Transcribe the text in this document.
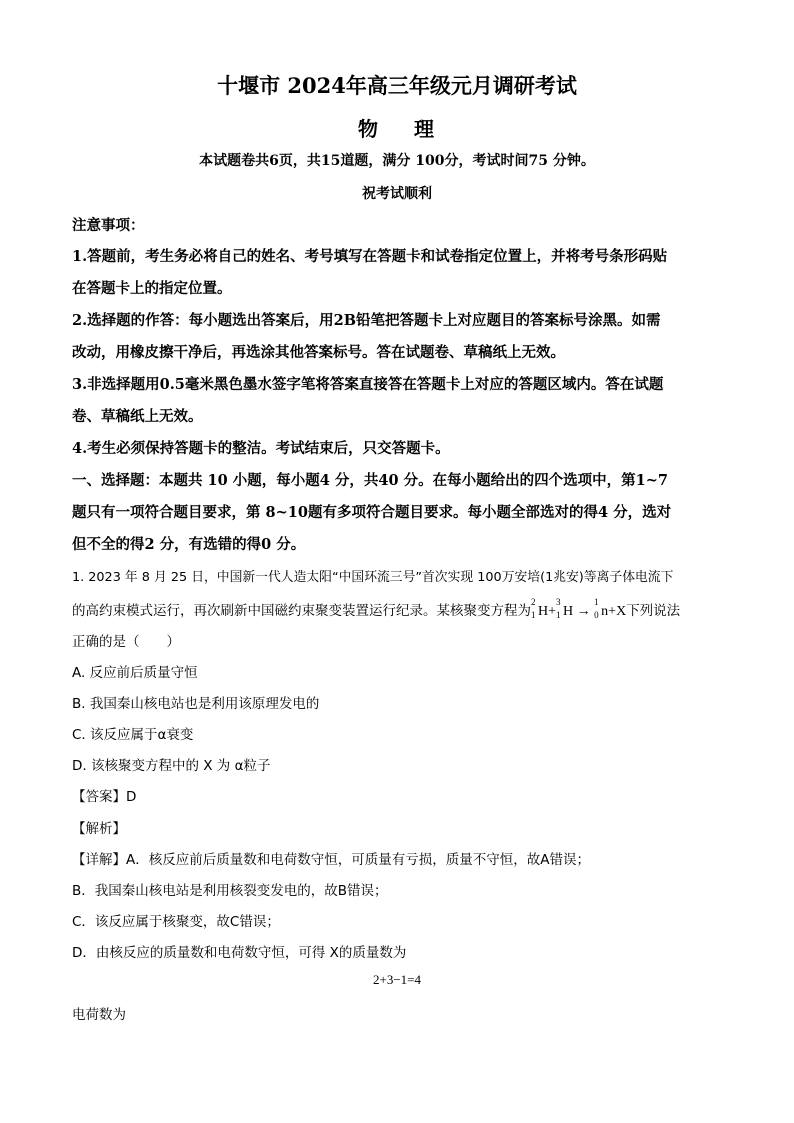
十堰市 2024年高三年级元月调研考试
物 理
本试题卷共6页，共15道题，满分 100分，考试时间75 分钟。
祝考试顺利
注意事项：
1.答题前，考生务必将自己的姓名、考号填写在答题卡和试卷指定位置上，并将考号条形码贴
在答题卡上的指定位置。
2.选择题的作答：每小题选出答案后，用2B铅笔把答题卡上对应题目的答案标号涂黑。如需
改动，用橡皮擦干净后，再选涂其他答案标号。答在试题卷、草稿纸上无效。
3.非选择题用0.5毫米黑色墨水签字笔将答案直接答在答题卡上对应的答题区域内。答在试题
卷、草稿纸上无效。
4.考生必须保持答题卡的整洁。考试结束后，只交答题卡。
一、选择题：本题共 10 小题，每小题4 分，共40 分。在每小题给出的四个选项中，第1~7
题只有一项符合题目要求，第 8~10题有多项符合题目要求。每小题全部选对的得4 分，选对
但不全的得2 分，有选错的得0 分。
1. 2023 年 8 月 25 日，中国新一代人造太阳“中国环流三号”首次实现 100万安培(1兆安)等离子体电流下
的高约束模式运行，再次刷新中国磁约束聚变装置运行纪录。某核聚变方程为
2
1 H+
3
1 H →
1
0 n+X下列说法
正确的是（　　）
A. 反应前后质量守恒
B. 我国秦山核电站也是利用该原理发电的
C. 该反应属于α衰变
D. 该核聚变方程中的 X 为 α粒子
【答案】D
【解析】
【详解】A．核反应前后质量数和电荷数守恒，可质量有亏损，质量不守恒，故A错误；
B．我国秦山核电站是利用核裂变发电的，故B错误；
C．该反应属于核聚变，故C错误；
D．由核反应的质量数和电荷数守恒，可得 X的质量数为
2+3−1=4
电荷数为
